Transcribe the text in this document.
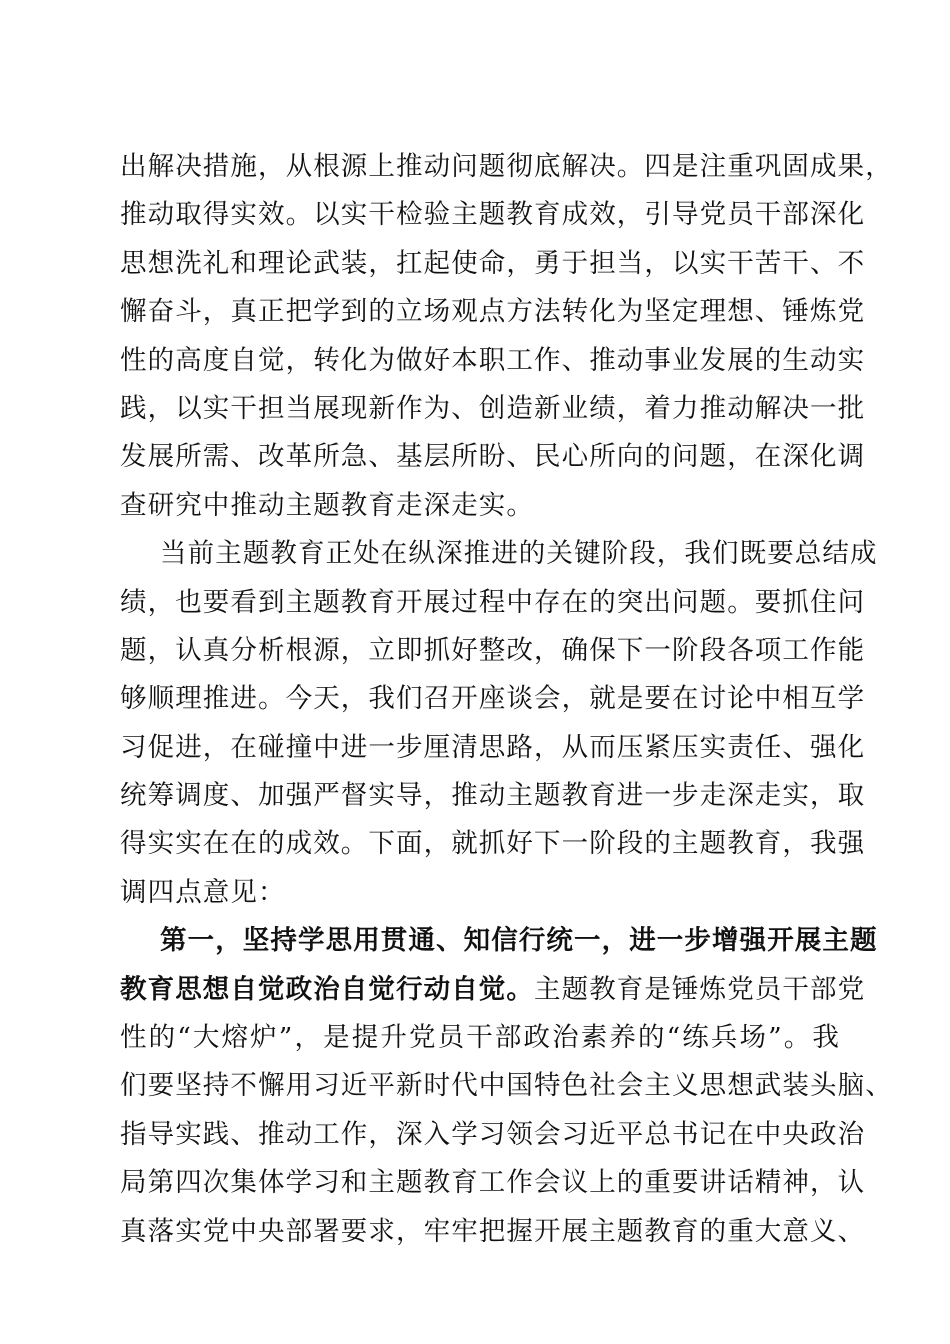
出解决措施，从根源上推动问题彻底解决。四是注重巩固成果，
推动取得实效。以实干检验主题教育成效，引导党员干部深化
思想洗礼和理论武装，扛起使命，勇于担当，以实干苦干、不
懈奋斗，真正把学到的立场观点方法转化为坚定理想、锤炼党
性的高度自觉，转化为做好本职工作、推动事业发展的生动实
践，以实干担当展现新作为、创造新业绩，着力推动解决一批
发展所需、改革所急、基层所盼、民心所向的问题，在深化调
查研究中推动主题教育走深走实。
当前主题教育正处在纵深推进的关键阶段，我们既要总结成
绩，也要看到主题教育开展过程中存在的突出问题。要抓住问
题，认真分析根源，立即抓好整改，确保下一阶段各项工作能
够顺理推进。今天，我们召开座谈会，就是要在讨论中相互学
习促进，在碰撞中进一步厘清思路，从而压紧压实责任、强化
统筹调度、加强严督实导，推动主题教育进一步走深走实，取
得实实在在的成效。下面，就抓好下一阶段的主题教育，我强
调四点意见：
第一，坚持学思用贯通、知信行统一，进一步增强开展主题
教育思想自觉政治自觉行动自觉。主题教育是锤炼党员干部党
性的“大熔炉”，是提升党员干部政治素养的“练兵场”。我
们要坚持不懈用习近平新时代中国特色社会主义思想武装头脑、
指导实践、推动工作，深入学习领会习近平总书记在中央政治
局第四次集体学习和主题教育工作会议上的重要讲话精神，认
真落实党中央部署要求，牢牢把握开展主题教育的重大意义、
